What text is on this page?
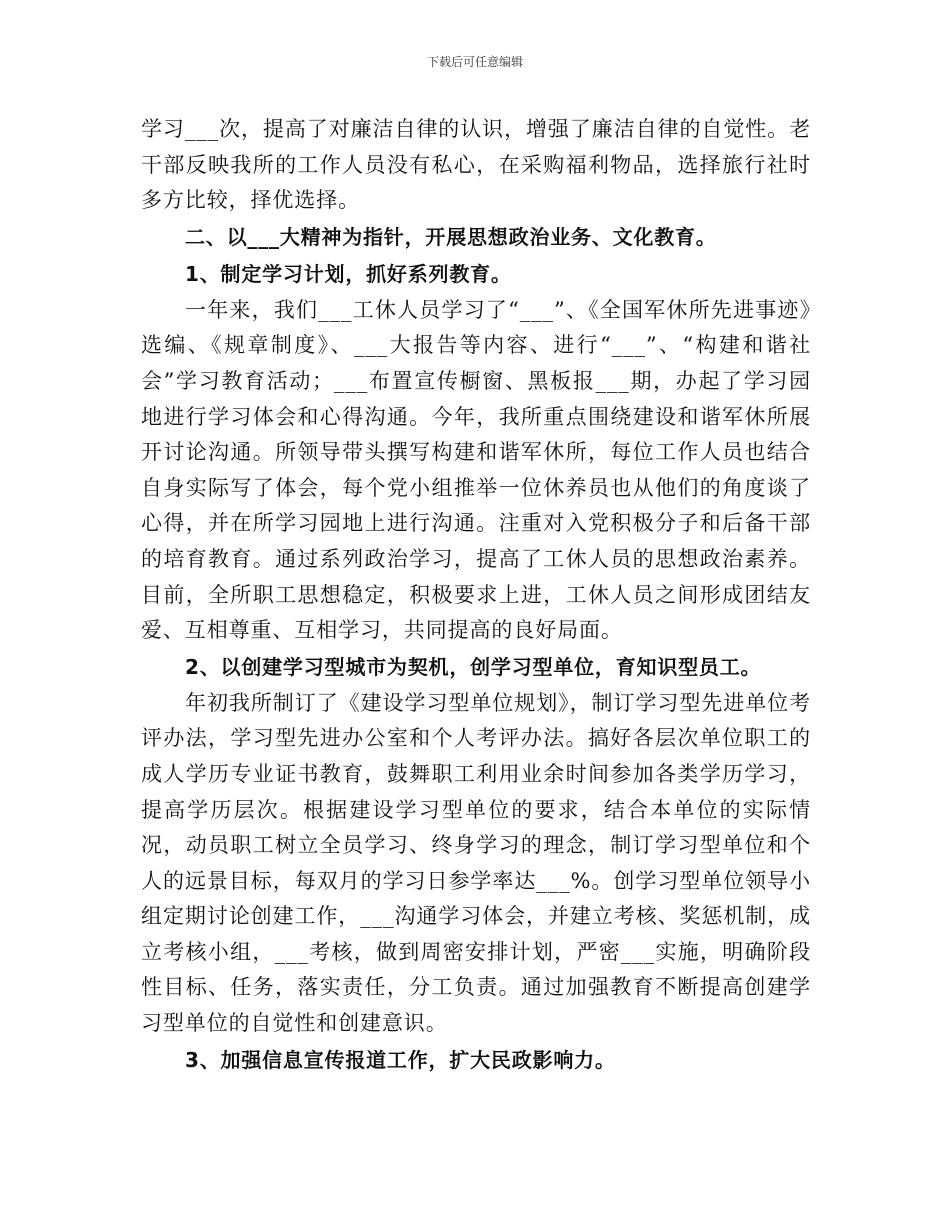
下载后可任意编辑

学习___次，提高了对廉洁自律的认识，增强了廉洁自律的自觉性。老干部反映我所的工作人员没有私心，在采购福利物品，选择旅行社时多方比较，择优选择。

二、以___大精神为指针，开展思想政治业务、文化教育。

1、制定学习计划，抓好系列教育。

一年来，我们___工休人员学习了“___”、《全国军休所先进事迹》选编、《规章制度》、___大报告等内容、进行“___”、“构建和谐社会”学习教育活动；___布置宣传橱窗、黑板报___期，办起了学习园地进行学习体会和心得沟通。今年，我所重点围绕建设和谐军休所展开讨论沟通。所领导带头撰写构建和谐军休所，每位工作人员也结合自身实际写了体会，每个党小组推举一位休养员也从他们的角度谈了心得，并在所学习园地上进行沟通。注重对入党积极分子和后备干部的培育教育。通过系列政治学习，提高了工休人员的思想政治素养。目前，全所职工思想稳定，积极要求上进，工休人员之间形成团结友爱、互相尊重、互相学习，共同提高的良好局面。

2、以创建学习型城市为契机，创学习型单位，育知识型员工。

年初我所制订了《建设学习型单位规划》，制订学习型先进单位考评办法，学习型先进办公室和个人考评办法。搞好各层次单位职工的成人学历专业证书教育，鼓舞职工利用业余时间参加各类学历学习，提高学历层次。根据建设学习型单位的要求，结合本单位的实际情况，动员职工树立全员学习、终身学习的理念，制订学习型单位和个人的远景目标，每双月的学习日参学率达___%。创学习型单位领导小组定期讨论创建工作，___沟通学习体会，并建立考核、奖惩机制，成立考核小组，___考核，做到周密安排计划，严密___实施，明确阶段性目标、任务，落实责任，分工负责。通过加强教育不断提高创建学习型单位的自觉性和创建意识。

3、加强信息宣传报道工作，扩大民政影响力。
